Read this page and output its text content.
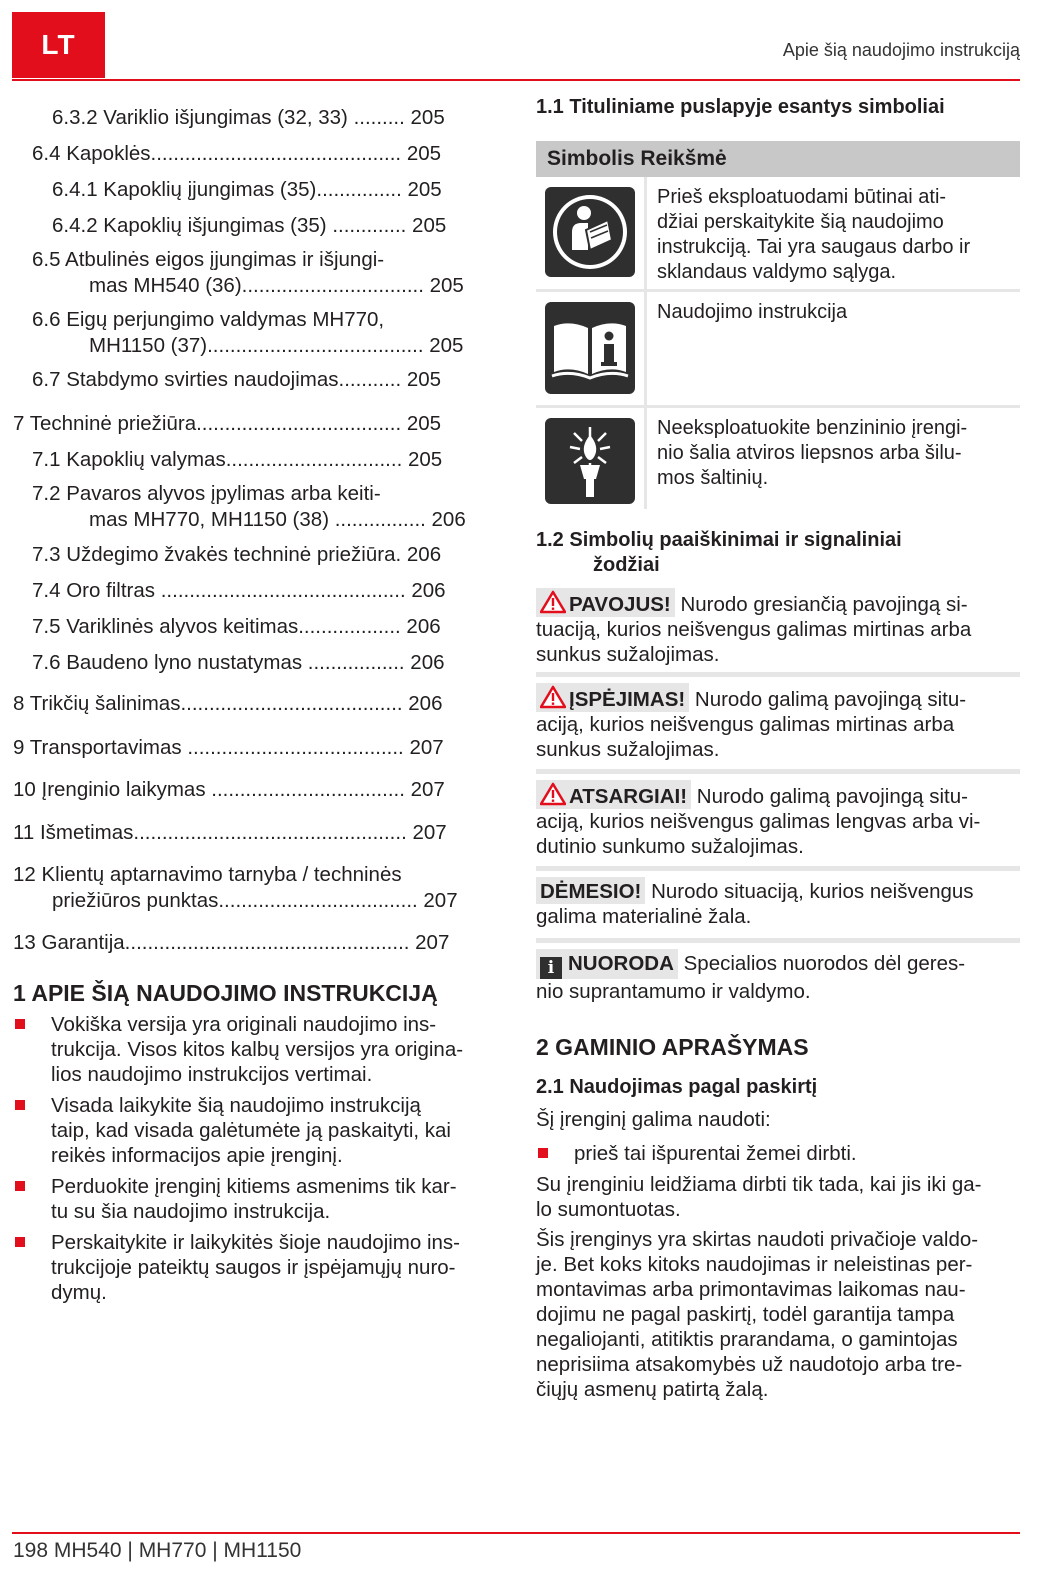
LT	Apie šią naudojimo instrukciją
6.3.2 Variklio išjungimas (32, 33) ......... 205
6.4 Kapoklės............................................ 205
6.4.1 Kapoklių įjungimas (35)............... 205
6.4.2 Kapoklių išjungimas (35) ............. 205
6.5 Atbulinės eigos įjungimas ir išjungi-
mas MH540 (36)................................ 205
6.6 Eigų perjungimo valdymas MH770,
MH1150 (37)...................................... 205
6.7 Stabdymo svirties naudojimas........... 205
7 Techninė priežiūra.................................... 205
7.1 Kapoklių valymas............................... 205
7.2 Pavaros alyvos įpylimas arba keiti-
mas MH770, MH1150 (38) ................ 206
7.3 Uždegimo žvakės techninė priežiūra. 206
7.4 Oro filtras ........................................... 206
7.5 Variklinės alyvos keitimas.................. 206
7.6 Baudeno lyno nustatymas ................. 206
8 Trikčių šalinimas....................................... 206
9 Transportavimas ...................................... 207
10 Įrenginio laikymas .................................. 207
11 Išmetimas................................................ 207
12 Klientų aptarnavimo tarnyba / techninės
priežiūros punktas................................... 207
13 Garantija.................................................. 207
1 APIE ŠIĄ NAUDOJIMO INSTRUKCIJĄ
Vokiška versija yra originali naudojimo ins-
trukcija. Visos kitos kalbų versijos yra origina-
lios naudojimo instrukcijos vertimai.
Visada laikykite šią naudojimo instrukciją
taip, kad visada galėtumėte ją paskaityti, kai
reikės informacijos apie įrenginį.
Perduokite įrenginį kitiems asmenims tik kar-
tu su šia naudojimo instrukcija.
Perskaitykite ir laikykitės šioje naudojimo ins-
trukcijoje pateiktų saugos ir įspėjamųjų nuro-
dymų.
1.1 Tituliniame puslapyje esantys simboliai
Simbolis Reikšmė
Prieš eksploatuodami būtinai ati-
džiai perskaitykite šią naudojimo
instrukciją. Tai yra saugaus darbo ir
sklandaus valdymo sąlyga.
Naudojimo instrukcija
Neeksploatuokite benzininio įrengi-
nio šalia atviros liepsnos arba šilu-
mos šaltinių.
1.2 Simbolių paaiškinimai ir signaliniai
žodžiai
PAVOJUS! Nurodo gresiančią pavojingą si-
tuaciją, kurios neišvengus galimas mirtinas arba
sunkus sužalojimas.
ĮSPĖJIMAS! Nurodo galimą pavojingą situ-
aciją, kurios neišvengus galimas mirtinas arba
sunkus sužalojimas.
ATSARGIAI! Nurodo galimą pavojingą situ-
aciją, kurios neišvengus galimas lengvas arba vi-
dutinio sunkumo sužalojimas.
DĖMESIO! Nurodo situaciją, kurios neišvengus
galima materialinė žala.
i NUORODA Specialios nuorodos dėl geres-
nio suprantamumo ir valdymo.
2 GAMINIO APRAŠYMAS
2.1 Naudojimas pagal paskirtį

Šį įrenginį galima naudoti:

prieš tai išpurentai žemei dirbti.
Su įrenginiu leidžiama dirbti tik tada, kai jis iki ga-
lo sumontuotas.
Šis įrenginys yra skirtas naudoti privačioje valdo-
je. Bet koks kitoks naudojimas ir neleistinas per-
montavimas arba primontavimas laikomas nau-
dojimu ne pagal paskirtį, todėl garantija tampa
negaliojanti, atitiktis prarandama, o gamintojas
neprisiima atsakomybės už naudotojo arba tre-
čiųjų asmenų patirtą žalą.
198 MH540 | MH770 | MH1150
